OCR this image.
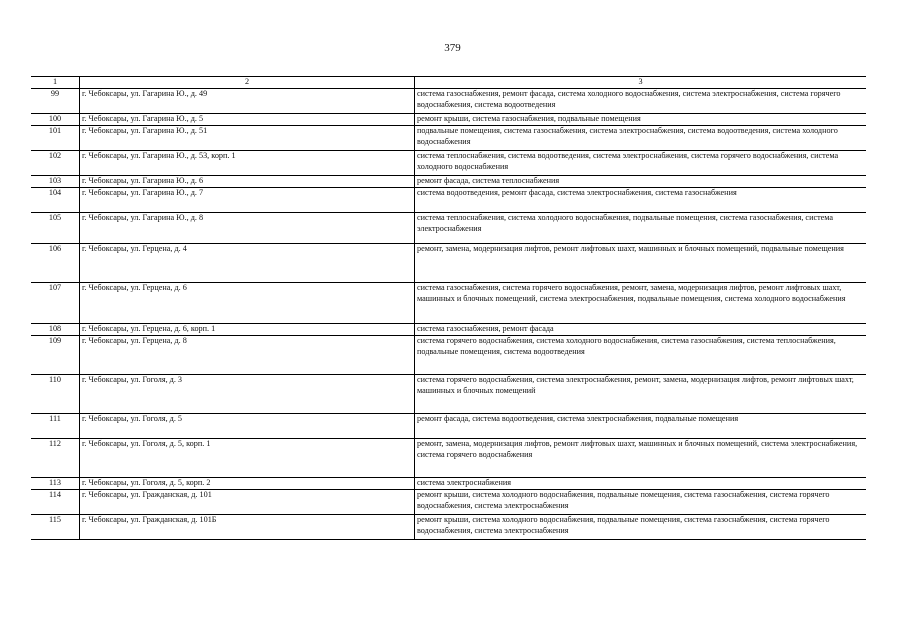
379
1	2	3
99	г. Чебоксары, ул. Гагарина Ю., д. 49	система газоснабжения, ремонт фасада, система холодного водоснабжения, система электроснабжения, система горячего водоснабжения, система водоотведения
100	г. Чебоксары, ул. Гагарина Ю., д. 5	ремонт крыши, система газоснабжения, подвальные помещения
101	г. Чебоксары, ул. Гагарина Ю., д. 51	подвальные помещения, система газоснабжения, система электроснабжения, система водоотведения, система холодного водоснабжения
102	г. Чебоксары, ул. Гагарина Ю., д. 53, корп. 1	система теплоснабжения, система водоотведения, система электроснабжения, система горячего водоснабжения, система холодного водоснабжения
103	г. Чебоксары, ул. Гагарина Ю., д. 6	ремонт фасада, система теплоснабжения
104	г. Чебоксары, ул. Гагарина Ю., д. 7	система водоотведения, ремонт фасада, система электроснабжения, система газоснабжения
105	г. Чебоксары, ул. Гагарина Ю., д. 8	система теплоснабжения, система холодного водоснабжения, подвальные помещения, система газоснабжения, система электроснабжения
106	г. Чебоксары, ул. Герцена, д. 4	ремонт, замена, модернизация лифтов, ремонт лифтовых шахт, машинных и блочных помещений, подвальные помещения
107	г. Чебоксары, ул. Герцена, д. 6	система газоснабжения, система горячего водоснабжения, ремонт, замена, модернизация лифтов, ремонт лифтовых шахт, машинных и блочных помещений, система электроснабжения, подвальные помещения, система холодного водоснабжения
108	г. Чебоксары, ул. Герцена, д. 6, корп. 1	система газоснабжения, ремонт фасада
109	г. Чебоксары, ул. Герцена, д. 8	система горячего водоснабжения, система холодного водоснабжения, система газоснабжения, система теплоснабжения, подвальные помещения, система водоотведения
110	г. Чебоксары, ул. Гоголя, д. 3	система горячего водоснабжения, система электроснабжения, ремонт, замена, модернизация лифтов, ремонт лифтовых шахт, машинных и блочных помещений
111	г. Чебоксары, ул. Гоголя, д. 5	ремонт фасада, система водоотведения, система электроснабжения, подвальные помещения
112	г. Чебоксары, ул. Гоголя, д. 5, корп. 1	ремонт, замена, модернизация лифтов, ремонт лифтовых шахт, машинных и блочных помещений, система электроснабжения, система горячего водоснабжения
113	г. Чебоксары, ул. Гоголя, д. 5, корп. 2	система электроснабжения
114	г. Чебоксары, ул. Гражданская, д. 101	ремонт крыши, система холодного водоснабжения, подвальные помещения, система газоснабжения, система горячего водоснабжения, система электроснабжения
115	г. Чебоксары, ул. Гражданская, д. 101Б	ремонт крыши, система холодного водоснабжения, подвальные помещения, система газоснабжения, система горячего водоснабжения, система электроснабжения
